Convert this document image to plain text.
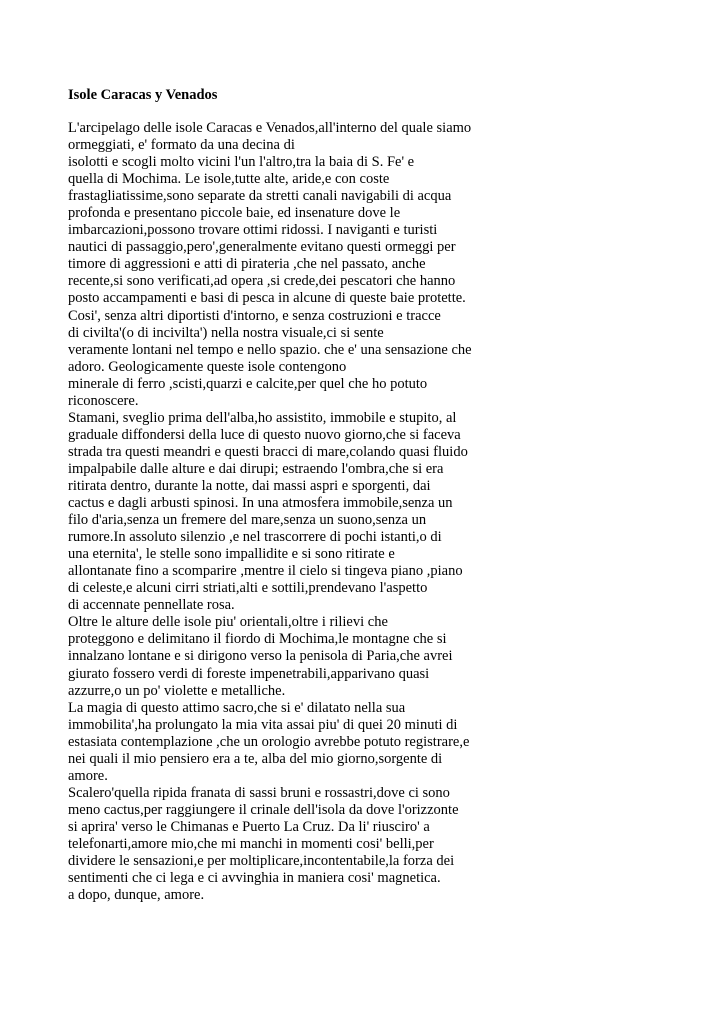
Isole Caracas y Venados
L'arcipelago delle isole Caracas e Venados,all'interno del quale siamo
ormeggiati, e' formato da una decina di
isolotti e scogli molto vicini l'un l'altro,tra la baia di S. Fe' e
quella di Mochima. Le isole,tutte alte, aride,e con coste
frastagliatissime,sono separate da stretti canali navigabili di acqua
profonda e presentano piccole baie, ed insenature dove le
imbarcazioni,possono trovare ottimi ridossi. I naviganti e turisti
nautici di passaggio,pero',generalmente evitano questi ormeggi per
timore di aggressioni e atti di pirateria ,che nel passato, anche
recente,si sono verificati,ad opera ,si crede,dei pescatori che hanno
posto accampamenti e basi di pesca in alcune di queste baie protette.
Cosi', senza altri diportisti d'intorno, e senza costruzioni e tracce
di civilta'(o di incivilta') nella nostra visuale,ci si sente
veramente lontani nel tempo e nello spazio. che e' una sensazione che
adoro. Geologicamente queste isole contengono
minerale di ferro ,scisti,quarzi e calcite,per quel che ho potuto
riconoscere.
Stamani, sveglio prima dell'alba,ho assistito, immobile e stupito, al
graduale diffondersi della luce di questo nuovo giorno,che si faceva
strada tra questi meandri e questi bracci di mare,colando quasi fluido
impalpabile dalle alture e dai dirupi; estraendo l'ombra,che si era
ritirata dentro, durante la notte, dai massi aspri e sporgenti, dai
cactus e dagli arbusti spinosi. In una atmosfera immobile,senza un
filo d'aria,senza un fremere del mare,senza un suono,senza un
rumore.In assoluto silenzio ,e nel trascorrere di pochi istanti,o di
una eternita', le stelle sono impallidite e si sono ritirate e
allontanate fino a scomparire ,mentre il cielo si tingeva piano ,piano
di celeste,e alcuni cirri striati,alti e sottili,prendevano l'aspetto
di accennate pennellate rosa.
Oltre le alture delle isole piu' orientali,oltre i rilievi che
proteggono e delimitano il fiordo di Mochima,le montagne che si
innalzano lontane e si dirigono verso la penisola di Paria,che avrei
giurato fossero verdi di foreste impenetrabili,apparivano quasi
azzurre,o un po' violette e metalliche.
La magia di questo attimo sacro,che si e' dilatato nella sua
immobilita',ha prolungato la mia vita assai piu' di quei 20 minuti di
estasiata contemplazione ,che un orologio avrebbe potuto registrare,e
nei quali il mio pensiero era a te, alba del mio giorno,sorgente di
amore.
Scalero'quella ripida franata di sassi bruni e rossastri,dove ci sono
meno cactus,per raggiungere il crinale dell'isola da dove l'orizzonte
si aprira' verso le Chimanas e Puerto La Cruz. Da li' riusciro' a
telefonarti,amore mio,che mi manchi in momenti cosi' belli,per
dividere le sensazioni,e per moltiplicare,incontentabile,la forza dei
sentimenti che ci lega e ci avvinghia in maniera cosi' magnetica.
a dopo, dunque, amore.
